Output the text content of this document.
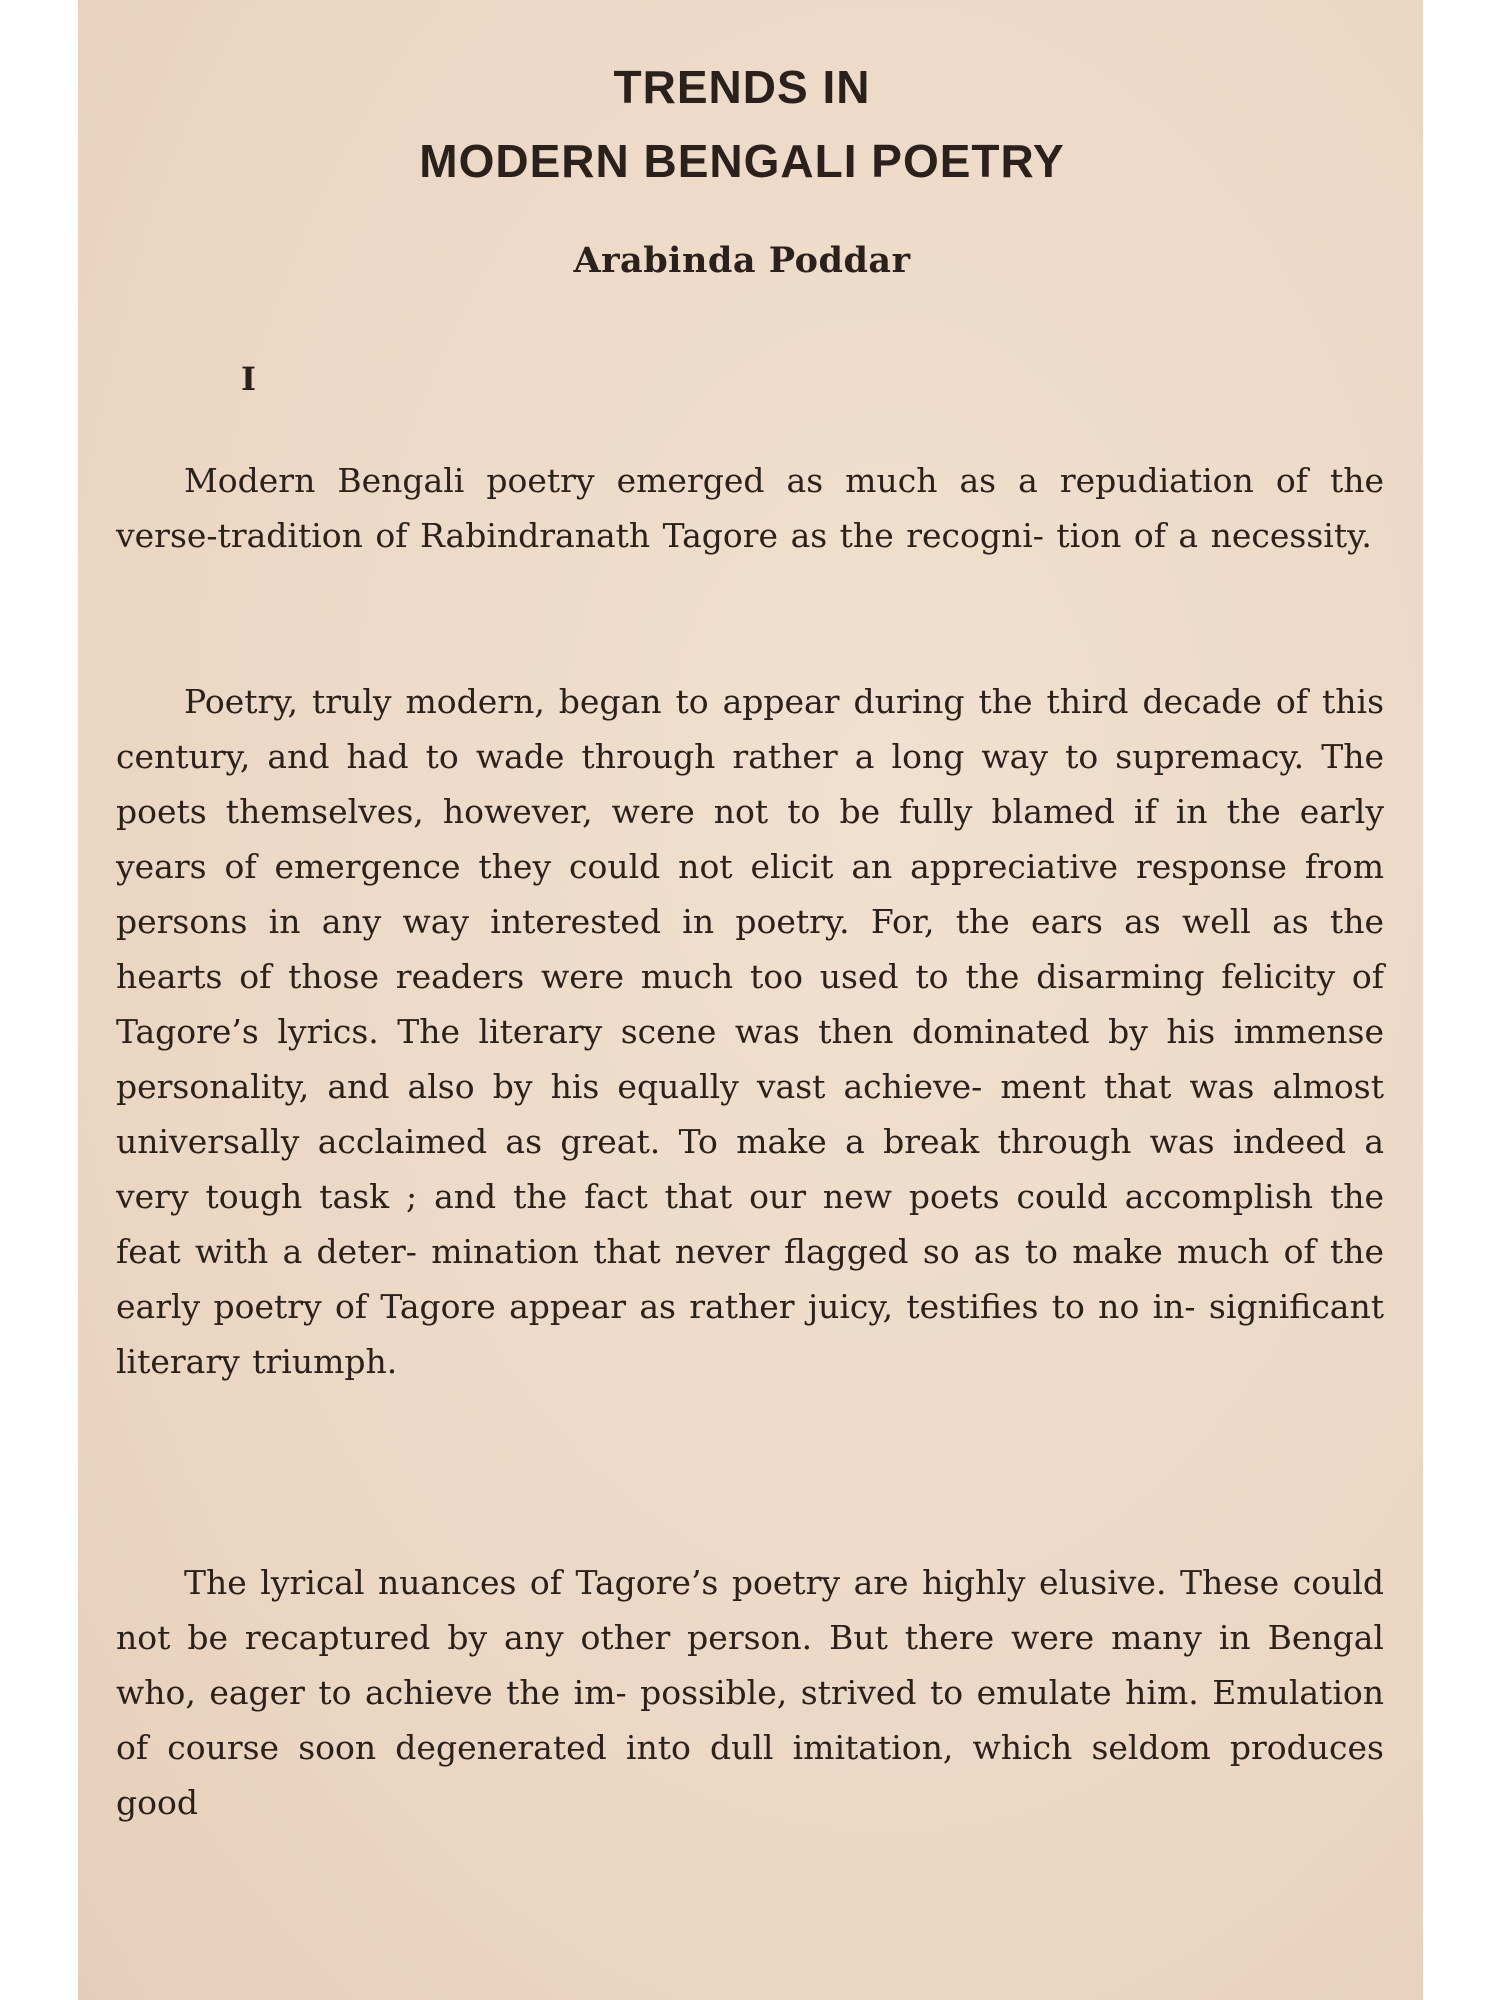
TRENDS IN
MODERN BENGALI POETRY

Arabinda Poddar

I

Modern Bengali poetry emerged as much as a repudiation of the verse-tradition of Rabindranath Tagore as the recogni- tion of a necessity.

Poetry, truly modern, began to appear during the third decade of this century, and had to wade through rather a long way to supremacy. The poets themselves, however, were not to be fully blamed if in the early years of emergence they could not elicit an appreciative response from persons in any way interested in poetry. For, the ears as well as the hearts of those readers were much too used to the disarming felicity of Tagore’s lyrics. The literary scene was then dominated by his immense personality, and also by his equally vast achieve- ment that was almost universally acclaimed as great. To make a break through was indeed a very tough task ; and the fact that our new poets could accomplish the feat with a deter- mination that never flagged so as to make much of the early poetry of Tagore appear as rather juicy, testifies to no in- significant literary triumph.

The lyrical nuances of Tagore’s poetry are highly elusive. These could not be recaptured by any other person. But there were many in Bengal who, eager to achieve the im- possible, strived to emulate him. Emulation of course soon degenerated into dull imitation, which seldom produces good
